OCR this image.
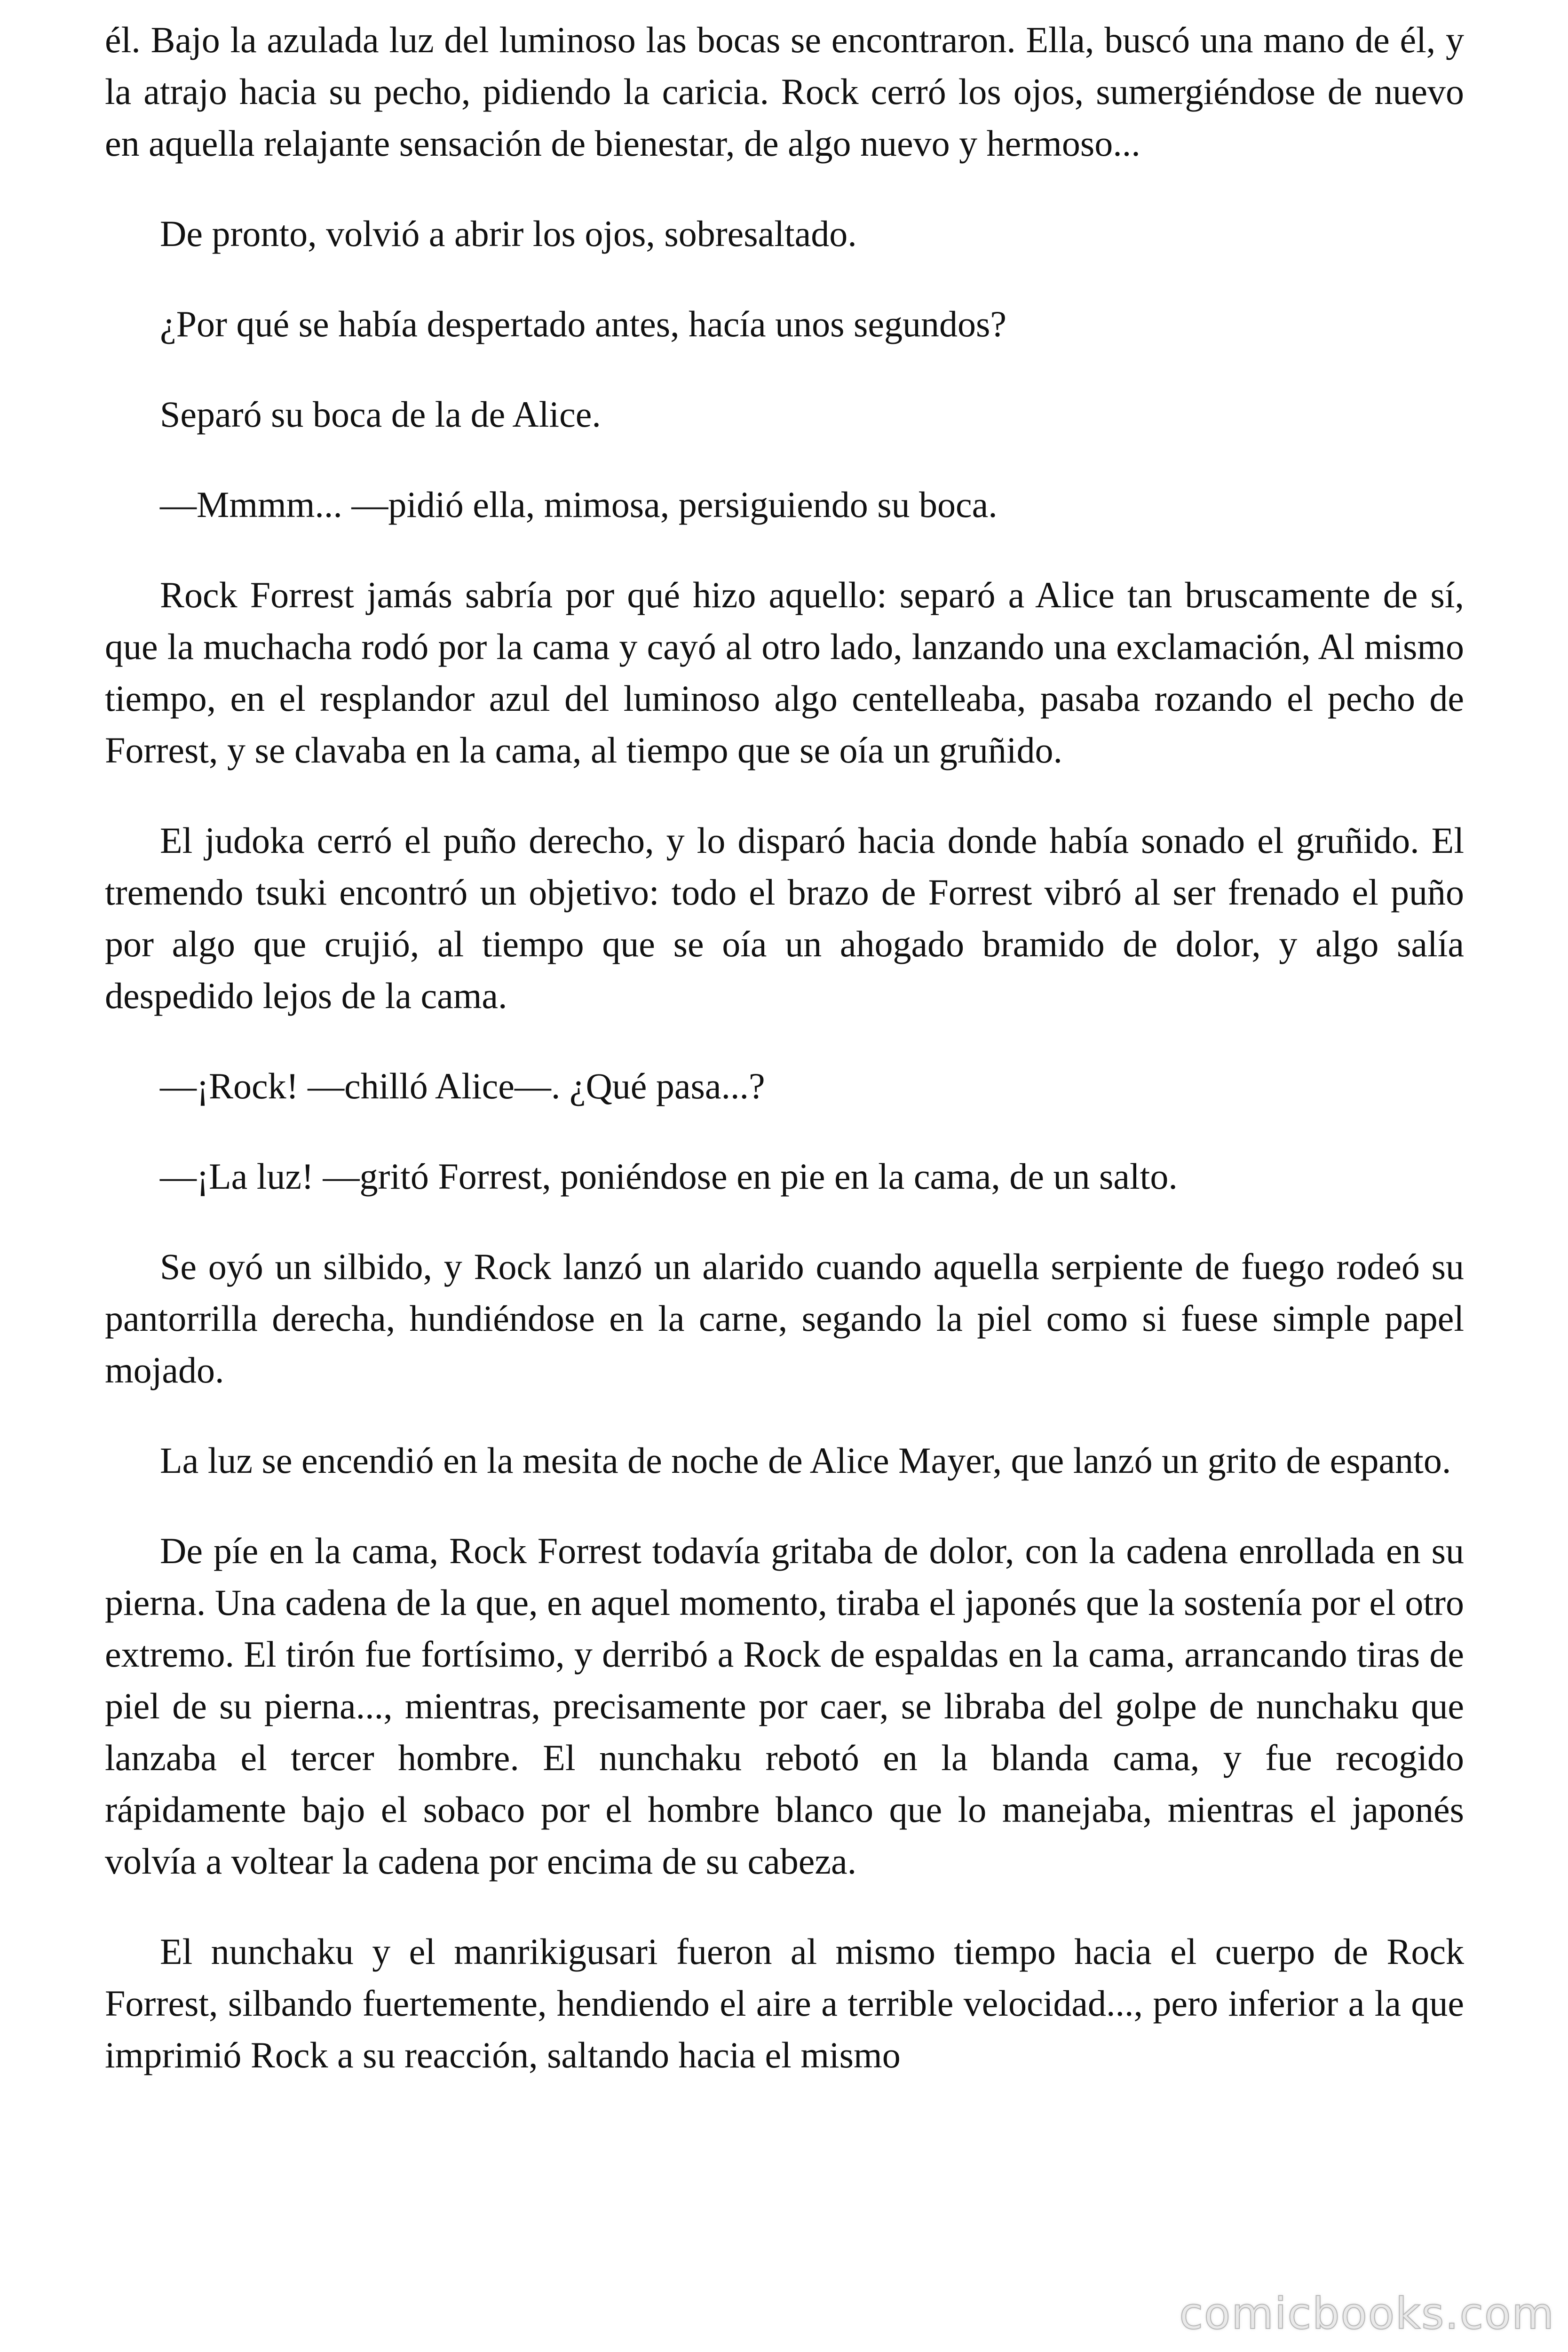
él. Bajo la azulada luz del luminoso las bocas se encontraron. Ella, buscó una mano de él, y la atrajo hacia su pecho, pidiendo la caricia. Rock cerró los ojos, sumergiéndose de nuevo en aquella relajante sensación de bienestar, de algo nuevo y hermoso...

De pronto, volvió a abrir los ojos, sobresaltado.

¿Por qué se había despertado antes, hacía unos segundos?

Separó su boca de la de Alice.

—Mmmm... —pidió ella, mimosa, persiguiendo su boca.

Rock Forrest jamás sabría por qué hizo aquello: separó a Alice tan bruscamente de sí, que la muchacha rodó por la cama y cayó al otro lado, lanzando una exclamación, Al mismo tiempo, en el resplandor azul del luminoso algo centelleaba, pasaba rozando el pecho de Forrest, y se clavaba en la cama, al tiempo que se oía un gruñido.

El judoka cerró el puño derecho, y lo disparó hacia donde había sonado el gruñido. El tremendo tsuki encontró un objetivo: todo el brazo de Forrest vibró al ser frenado el puño por algo que crujió, al tiempo que se oía un ahogado bramido de dolor, y algo salía despedido lejos de la cama.

—¡Rock! —chilló Alice—. ¿Qué pasa...?

—¡La luz! —gritó Forrest, poniéndose en pie en la cama, de un salto.

Se oyó un silbido, y Rock lanzó un alarido cuando aquella serpiente de fuego rodeó su pantorrilla derecha, hundiéndose en la carne, segando la piel como si fuese simple papel mojado.

La luz se encendió en la mesita de noche de Alice Mayer, que lanzó un grito de espanto.

De píe en la cama, Rock Forrest todavía gritaba de dolor, con la cadena enrollada en su pierna. Una cadena de la que, en aquel momento, tiraba el japonés que la sostenía por el otro extremo. El tirón fue fortísimo, y derribó a Rock de espaldas en la cama, arrancando tiras de piel de su pierna..., mientras, precisamente por caer, se libraba del golpe de nunchaku que lanzaba el tercer hombre. El nunchaku rebotó en la blanda cama, y fue recogido rápidamente bajo el sobaco por el hombre blanco que lo manejaba, mientras el japonés volvía a voltear la cadena por encima de su cabeza.

El nunchaku y el manrikigusari fueron al mismo tiempo hacia el cuerpo de Rock Forrest, silbando fuertemente, hendiendo el aire a terrible velocidad..., pero inferior a la que imprimió Rock a su reacción, saltando hacia el mismo

comicbooks.com
